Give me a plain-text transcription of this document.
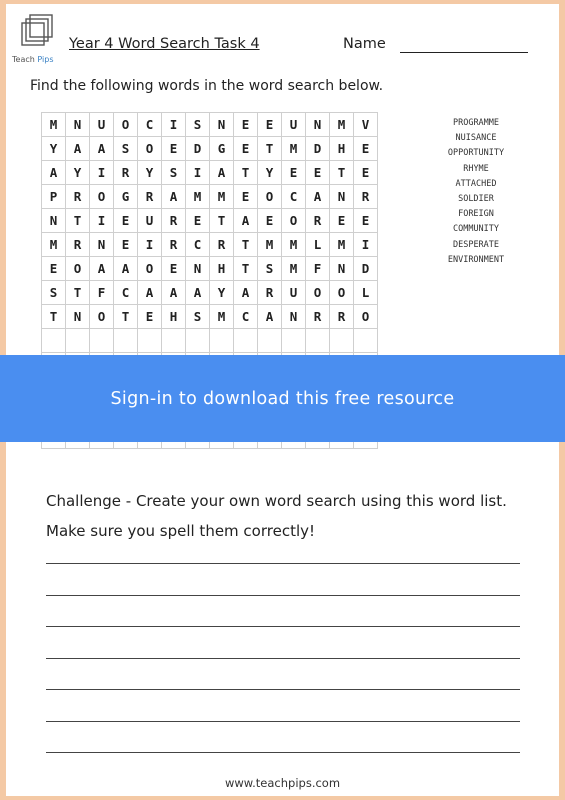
Teach Pips
Year 4 Word Search Task 4	Name
Find the following words in the word search below.
M	N	U	O	C	I	S	N	E	E	U	N	M	V
Y	A	A	S	O	E	D	G	E	T	M	D	H	E
A	Y	I	R	Y	S	I	A	T	Y	E	E	T	E
P	R	O	G	R	A	M	M	E	O	C	A	N	R
N	T	I	E	U	R	E	T	A	E	O	R	E	E
M	R	N	E	I	R	C	R	T	M	M	L	M	I
E	O	A	A	O	E	N	H	T	S	M	F	N	D
S	T	F	C	A	A	A	Y	A	R	U	O	O	L
T	N	O	T	E	H	S	M	C	A	N	R	R	O

PROGRAMME
NUISANCE
OPPORTUNITY
RHYME
ATTACHED
SOLDIER
FOREIGN
COMMUNITY
DESPERATE
ENVIRONMENT
Sign-in to download this free resource
Challenge - Create your own word search using this word list. Make sure you spell them correctly!
www.teachpips.com
